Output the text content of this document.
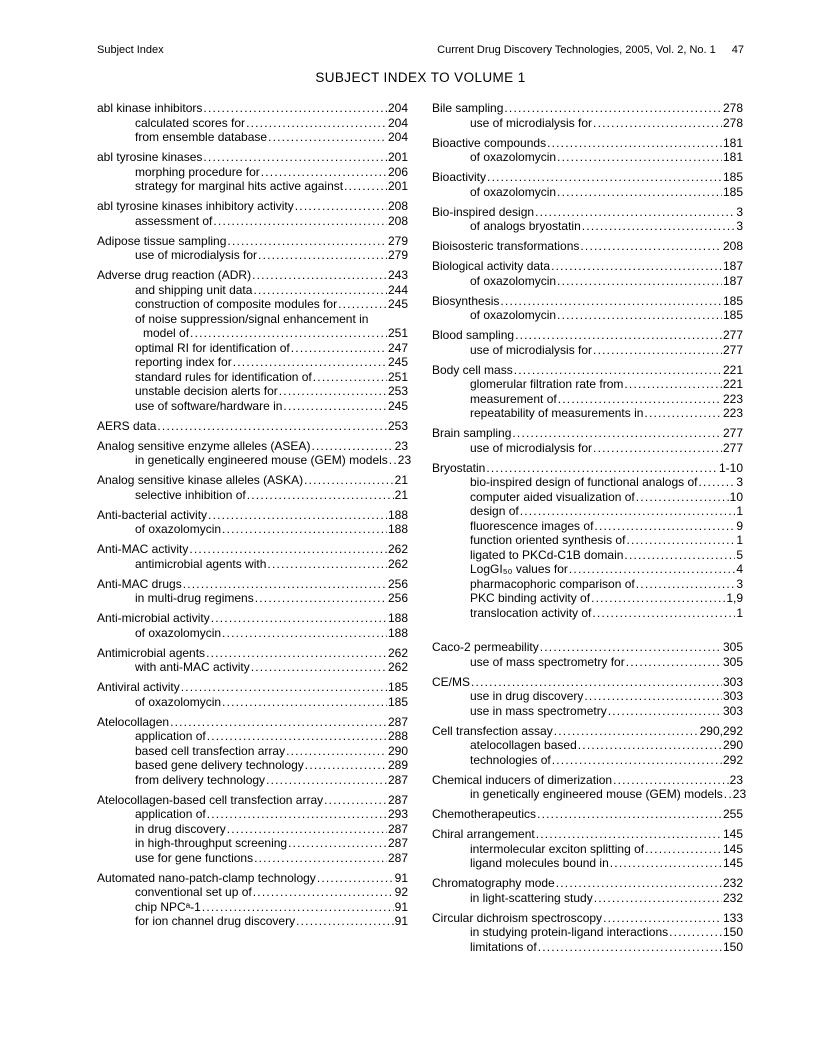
Subject Index	Current Drug Discovery Technologies, 2005, Vol. 2, No. 1 47
SUBJECT INDEX TO VOLUME 1
abl kinase inhibitors .....	204
calculated scores for .....	204
from ensemble database .....	204
abl tyrosine kinases .....	201
morphing procedure for .....	206
strategy for marginal hits active against .....	201
abl tyrosine kinases inhibitory activity .....	208
assessment of .....	208
Adipose tissue sampling .....	279
use of microdialysis for .....	279
Adverse drug reaction (ADR) .....	243
and shipping unit data .....	244
construction of composite modules for .....	245
of noise suppression/signal enhancement in
model of .....	251
optimal RI for identification of .....	247
reporting index for .....	245
standard rules for identification of .....	251
unstable decision alerts for .....	253
use of software/hardware in .....	245
AERS data .....	253
Analog sensitive enzyme alleles (ASEA) .....	23
in genetically engineered mouse (GEM) models ..... 23
Analog sensitive kinase alleles (ASKA) .....	21
selective inhibition of .....	21
Anti-bacterial activity .....	188
of oxazolomycin .....	188
Anti-MAC activity .....	262
antimicrobial agents with .....	262
Anti-MAC drugs .....	256
in multi-drug regimens .....	256
Anti-microbial activity .....	188
of oxazolomycin .....	188
Antimicrobial agents .....	262
with anti-MAC activity .....	262
Antiviral activity .....	185
of oxazolomycin .....	185
Atelocollagen .....	287
application of .....	288
based cell transfection array .....	290
based gene delivery technology .....	289
from delivery technology .....	287
Atelocollagen-based cell transfection array .....	287
application of .....	293
in drug discovery .....	287
in high-throughput screening .....	287
use for gene functions .....	287
Automated nano-patch-clamp technology .....	91
conventional set up of .....	92
chip NPCᵃ-1 .....	91
for ion channel drug discovery .....	91
Bile sampling .....	278
use of microdialysis for .....	278
Bioactive compounds .....	181
of oxazolomycin .....	181
Bioactivity .....	185
of oxazolomycin .....	185
Bio-inspired design .....	3
of analogs bryostatin .....	3
Bioisosteric transformations .....	208
Biological activity data .....	187
of oxazolomycin .....	187
Biosynthesis .....	185
of oxazolomycin .....	185
Blood sampling .....	277
use of microdialysis for .....	277
Body cell mass .....	221
glomerular filtration rate from .....	221
measurement of .....	223
repeatability of measurements in .....	223
Brain sampling .....	277
use of microdialysis for .....	277
Bryostatin .....	1-10
bio-inspired design of functional analogs of .....	3
computer aided visualization of .....	10
design of .....	1
fluorescence images of .....	9
function oriented synthesis of .....	1
ligated to PKCd-C1B domain .....	5
LogGI₅₀ values for .....	4
pharmacophoric comparison of .....	3
PKC binding activity of .....	1,9
translocation activity of .....	1
Caco-2 permeability .....	305
use of mass spectrometry for .....	305
CE/MS .....	303
use in drug discovery .....	303
use in mass spectrometry .....	303
Cell transfection assay .....	290,292
atelocollagen based .....	290
technologies of .....	292
Chemical inducers of dimerization .....	23
in genetically engineered mouse (GEM) models ..... 23
Chemotherapeutics .....	255
Chiral arrangement .....	145
intermolecular exciton splitting of .....	145
ligand molecules bound in .....	145
Chromatography mode .....	232
in light-scattering study .....	232
Circular dichroism spectroscopy .....	133
in studying protein-ligand interactions .....	150
limitations of .....	150
